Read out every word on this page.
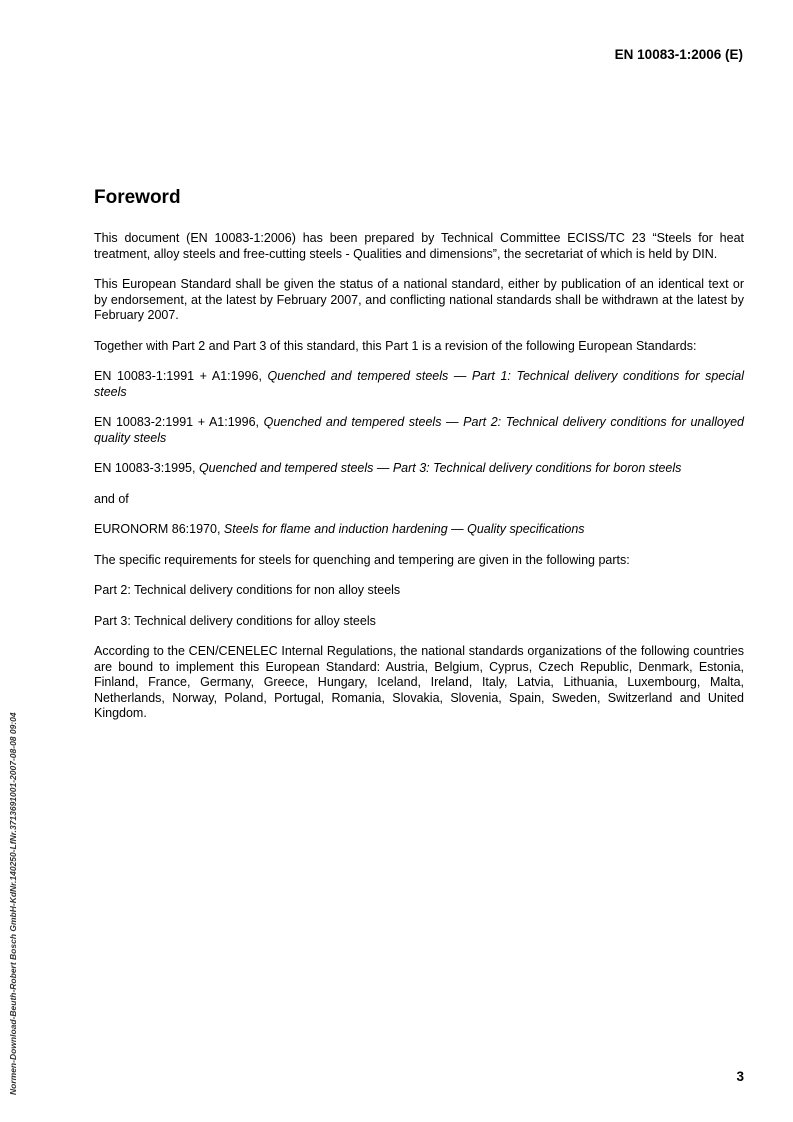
EN 10083-1:2006 (E)
Foreword

This document (EN 10083-1:2006) has been prepared by Technical Committee ECISS/TC 23 “Steels for heat treatment, alloy steels and free-cutting steels - Qualities and dimensions”, the secretariat of which is held by DIN.

This European Standard shall be given the status of a national standard, either by publication of an identical text or by endorsement, at the latest by February 2007, and conflicting national standards shall be withdrawn at the latest by February 2007.

Together with Part 2 and Part 3 of this standard, this Part 1 is a revision of the following European Standards:

EN 10083-1:1991 + A1:1996, Quenched and tempered steels — Part 1: Technical delivery conditions for special steels

EN 10083-2:1991 + A1:1996, Quenched and tempered steels — Part 2: Technical delivery conditions for unalloyed quality steels

EN 10083-3:1995, Quenched and tempered steels — Part 3: Technical delivery conditions for boron steels

and of

EURONORM 86:1970, Steels for flame and induction hardening — Quality specifications

The specific requirements for steels for quenching and tempering are given in the following parts:

Part 2: Technical delivery conditions for non alloy steels

Part 3: Technical delivery conditions for alloy steels

According to the CEN/CENELEC Internal Regulations, the national standards organizations of the following countries are bound to implement this European Standard: Austria, Belgium, Cyprus, Czech Republic, Denmark, Estonia, Finland, France, Germany, Greece, Hungary, Iceland, Ireland, Italy, Latvia, Lithuania, Luxembourg, Malta, Netherlands, Norway, Poland, Portugal, Romania, Slovakia, Slovenia, Spain, Sweden, Switzerland and United Kingdom.

Normen-Download-Beuth-Robert Bosch GmbH-KdNr.140250-LfNr.3713691001-2007-08-08 09:04	3
